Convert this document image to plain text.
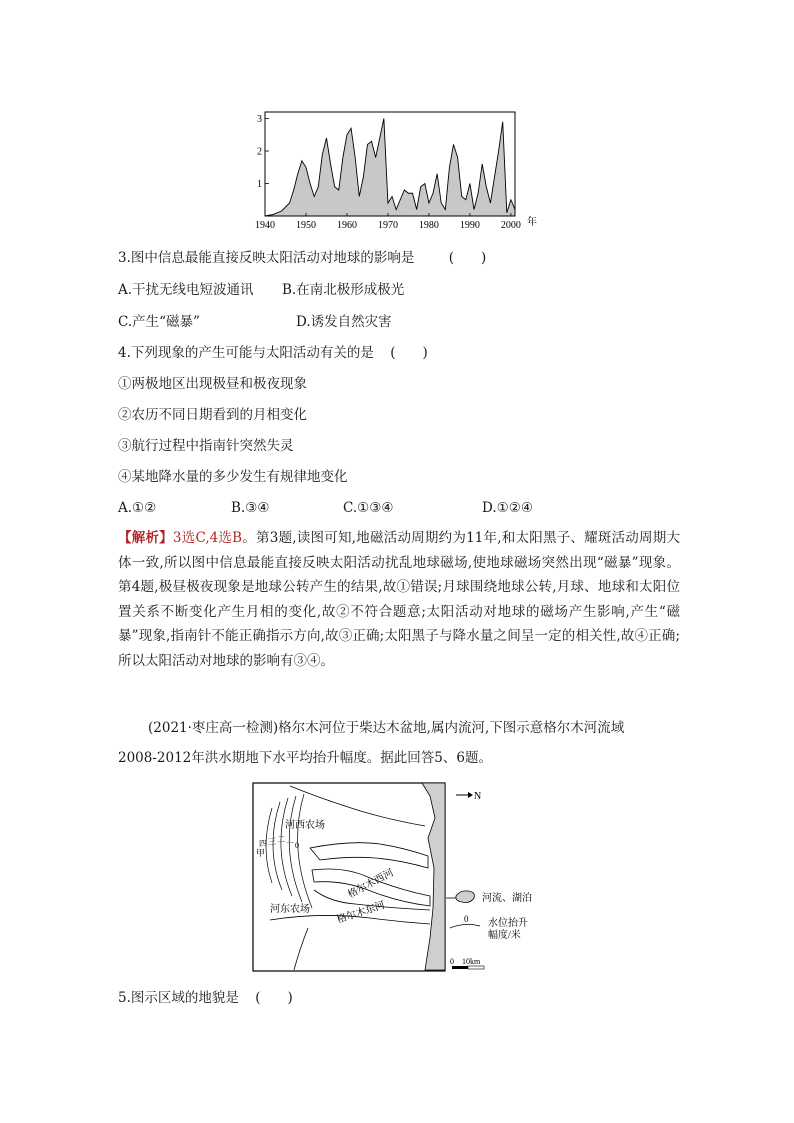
1
2
3
1940 1950 1960 1970 1980 1990 2000 年
3.图中信息最能直接反映太阳活动对地球的影响是	(　　)
A.干扰无线电短波通讯 B.在南北极形成极光
C.产生“磁暴”	D.诱发自然灾害
4.下列现象的产生可能与太阳活动有关的是 (　　)
①两极地区出现极昼和极夜现象
②农历不同日期看到的月相变化
③航行过程中指南针突然失灵
④某地降水量的多少发生有规律地变化
A.①②	B.③④	C.①③④	D.①②④
【解析】3选C,4选B。第3题,读图可知,地磁活动周期约为11年,和太阳黑子、耀斑活动周期大体一致,所以图中信息最能直接反映太阳活动扰乱地球磁场,使地球磁场突然出现“磁暴”现象。第4题,极昼极夜现象是地球公转产生的结果,故①错误;月球围绕地球公转,月球、地球和太阳位置关系不断变化产生月相的变化,故②不符合题意;太阳活动对地球的磁场产生影响,产生“磁暴”现象,指南针不能正确指示方向,故③正确;太阳黑子与降水量之间呈一定的相关性,故④正确;所以太阳活动对地球的影响有③④。
(2021·枣庄高一检测)格尔木河位于柴达木盆地,属内流河,下图示意格尔木河流域
2008-2012年洪水期地下水平均抬升幅度。据此回答5、6题。
河西农场
河东农场
格尔木西河
格尔木东河
甲
四 三 二 一 0
N
河流、湖泊
0 水位抬升
幅度/米
0 10km
5.图示区域的地貌是 (　　)
